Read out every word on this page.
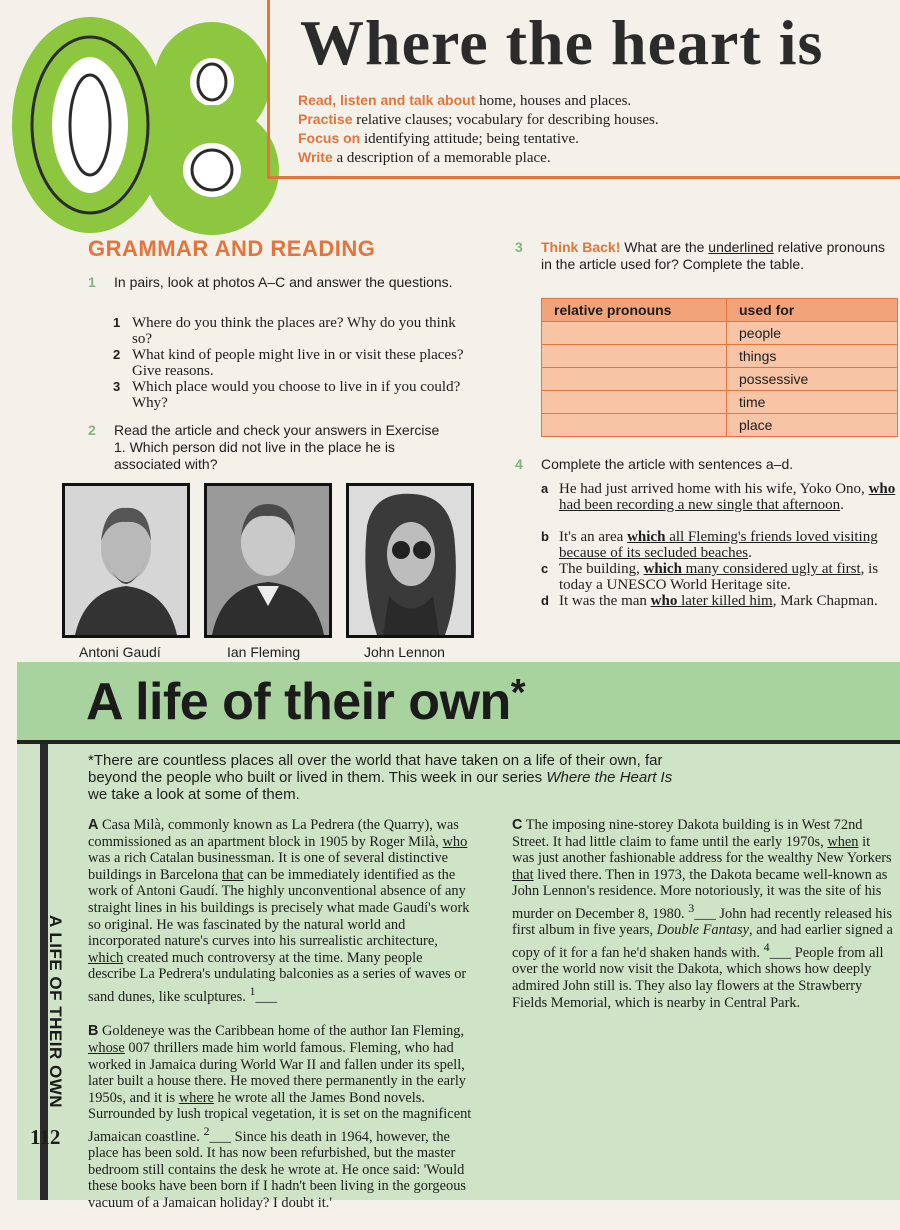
Where the heart is
Read, listen and talk about home, houses and places.
Practise relative clauses; vocabulary for describing houses.
Focus on identifying attitude; being tentative.
Write a description of a memorable place.
GRAMMAR AND READING
1 In pairs, look at photos A–C and answer the questions.
1 Where do you think the places are? Why do you think so?
2 What kind of people might live in or visit these places? Give reasons.
3 Which place would you choose to live in if you could? Why?
2 Read the article and check your answers in Exercise 1. Which person did not live in the place he is associated with?
Antoni Gaudí	Ian Fleming	John Lennon
3 Think Back! What are the underlined relative pronouns in the article used for? Complete the table.
relative pronouns	used for
	people
	things
	possessive
	time
	place
4 Complete the article with sentences a–d.
a He had just arrived home with his wife, Yoko Ono, who had been recording a new single that afternoon.
b It's an area which all Fleming's friends loved visiting because of its secluded beaches.
c The building, which many considered ugly at first, is today a UNESCO World Heritage site.
d It was the man who later killed him, Mark Chapman.
A life of their own*
A LIFE OF THEIR OWN
112
*There are countless places all over the world that have taken on a life of their own, far beyond the people who built or lived in them. This week in our series Where the Heart Is we take a look at some of them.

A Casa Milà, commonly known as La Pedrera (the Quarry), was commissioned as an apartment block in 1905 by Roger Milà, who was a rich Catalan businessman. It is one of several distinctive buildings in Barcelona that can be immediately identified as the work of Antoni Gaudí. The highly unconventional absence of any straight lines in his buildings is precisely what made Gaudí's work so original. He was fascinated by the natural world and incorporated nature's curves into his surrealistic architecture, which created much controversy at the time. Many people describe La Pedrera's undulating balconies as a series of waves or sand dunes, like sculptures. $^1$___

B Goldeneye was the Caribbean home of the author Ian Fleming, whose 007 thrillers made him world famous. Fleming, who had worked in Jamaica during World War II and fallen under its spell, later built a house there. He moved there permanently in the early 1950s, and it is where he wrote all the James Bond novels. Surrounded by lush tropical vegetation, it is set on the magnificent Jamaican coastline. $^2$___ Since his death in 1964, however, the place has been sold. It has now been refurbished, but the master bedroom still contains the desk he wrote at. He once said: 'Would these books have been born if I hadn't been living in the gorgeous vacuum of a Jamaican holiday? I doubt it.'

C The imposing nine-storey Dakota building is in West 72nd Street. It had little claim to fame until the early 1970s, when it was just another fashionable address for the wealthy New Yorkers that lived there. Then in 1973, the Dakota became well-known as John Lennon's residence. More notoriously, it was the site of his murder on December 8, 1980. $^3$___ John had recently released his first album in five years, Double Fantasy, and had earlier signed a copy of it for a fan he'd shaken hands with. $^4$___ People from all over the world now visit the Dakota, which shows how deeply admired John still is. They also lay flowers at the Strawberry Fields Memorial, which is nearby in Central Park.
